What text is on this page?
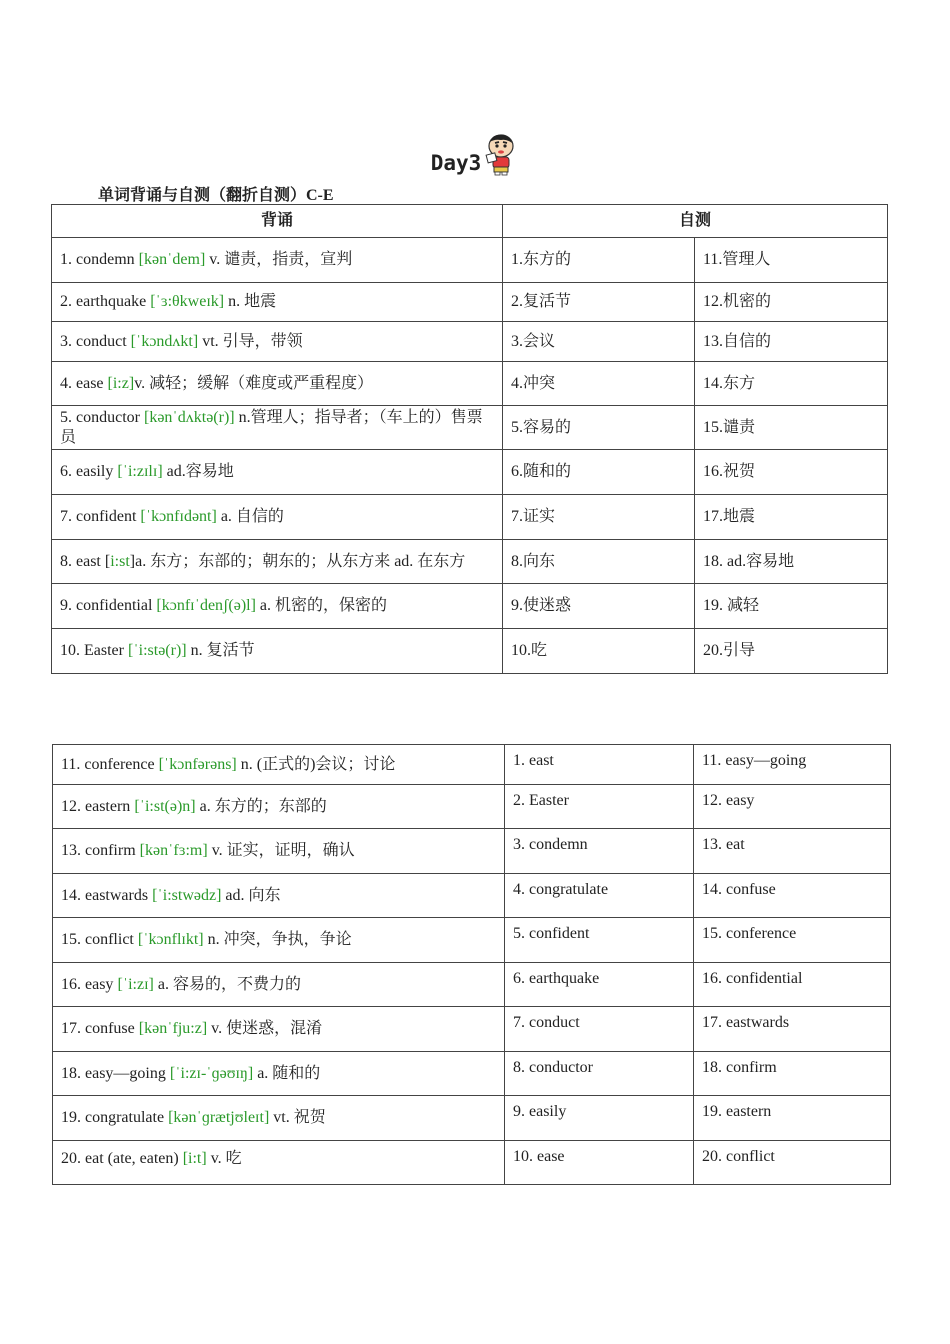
Day3
单词背诵与自测（翻折自测）C-E
背诵	自测	
1. condemn [kənˈdem] v. 谴责，指责，宣判	1.东方的	11.管理人
2. earthquake [ˈɜ:θkweɪk] n. 地震	2.复活节	12.机密的
3. conduct [ˈkɔndʌkt] vt. 引导，带领	3.会议	13.自信的
4. ease [i:z]v. 减轻；缓解（难度或严重程度）	4.冲突	14.东方
5. conductor [kənˈdʌktə(r)] n.管理人；指导者；（车上的）售票员	5.容易的	15.谴责
6. easily [ˈi:zɪlɪ] ad.容易地	6.随和的	16.祝贺
7. confident [ˈkɔnfɪdənt] a. 自信的	7.证实	17.地震
8. east [i:st]a. 东方；东部的；朝东的；从东方来 ad. 在东方	8.向东	18. ad.容易地
9. confidential [kɔnfɪˈdenʃ(ə)l] a. 机密的，保密的	9.使迷惑	19. 减轻
10. Easter [ˈi:stə(r)] n. 复活节	10.吃	20.引导
11. conference [ˈkɔnfərəns] n. (正式的)会议；讨论	1. east	11. easy—going
12. eastern [ˈi:st(ə)n] a. 东方的；东部的	2. Easter	12. easy
13. confirm [kənˈfɜ:m] v. 证实，证明，确认	3. condemn	13. eat
14. eastwards [ˈi:stwədz] ad. 向东	4. congratulate	14. confuse
15. conflict [ˈkɔnflɪkt] n. 冲突，争执，争论	5. confident	15. conference
16. easy [ˈi:zɪ] a. 容易的，不费力的	6. earthquake	16. confidential
17. confuse [kənˈfju:z] v. 使迷惑，混淆	7. conduct	17. eastwards
18. easy—going [ˈi:zɪ-ˈɡəʊɪŋ] a. 随和的	8. conductor	18. confirm
19. congratulate [kənˈɡrætjʊleɪt] vt. 祝贺	9. easily	19. eastern
20. eat (ate, eaten) [i:t] v. 吃	10. ease	20. conflict
